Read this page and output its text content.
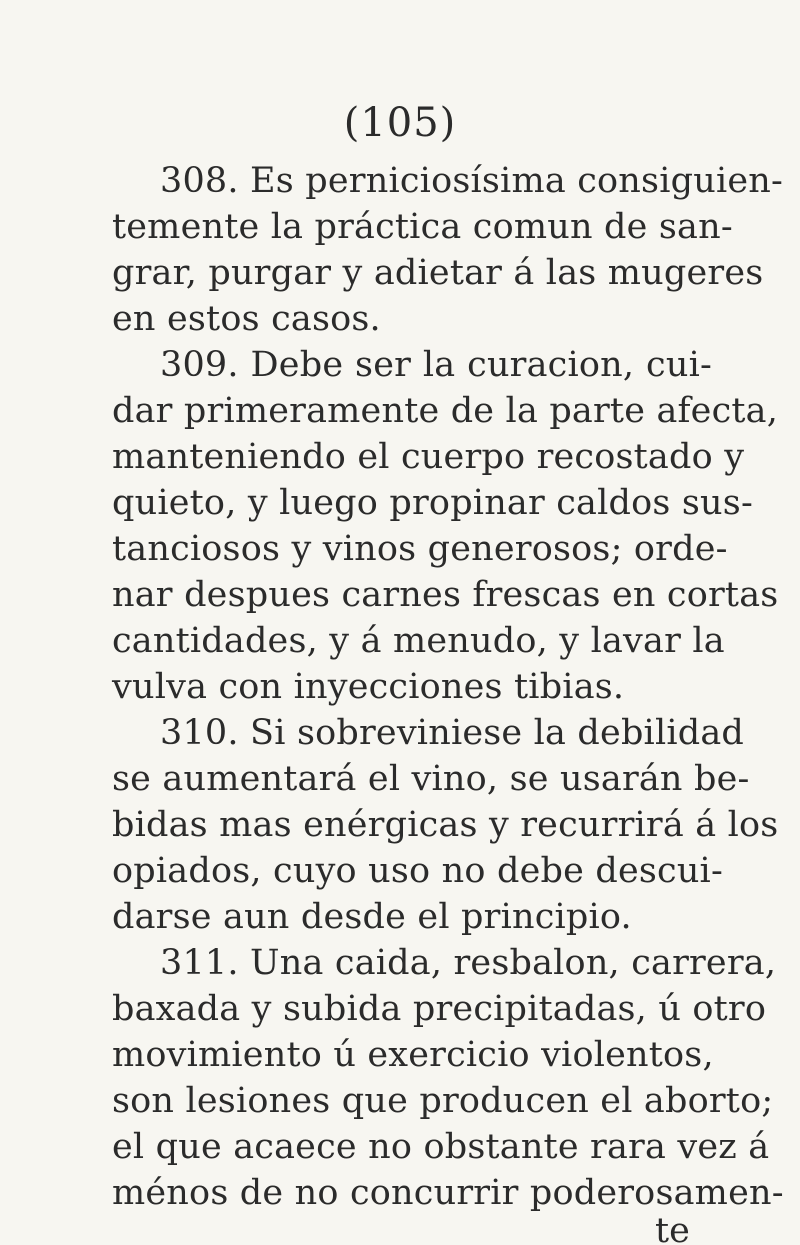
(105)
308. Es perniciosísima consiguien-
temente la práctica comun de san-
grar, purgar y adietar á las mugeres
en estos casos.
309. Debe ser la curacion, cui-
dar primeramente de la parte afecta,
manteniendo el cuerpo recostado y
quieto, y luego propinar caldos sus-
tanciosos y vinos generosos; orde-
nar despues carnes frescas en cortas
cantidades, y á menudo, y lavar la
vulva con inyecciones tibias.
310. Si sobreviniese la debilidad
se aumentará el vino, se usarán be-
bidas mas enérgicas y recurrirá á los
opiados, cuyo uso no debe descui-
darse aun desde el principio.
311. Una caida, resbalon, carrera,
baxada y subida precipitadas, ú otro
movimiento ú exercicio violentos,
son lesiones que producen el aborto;
el que acaece no obstante rara vez á
ménos de no concurrir poderosamen-
te
